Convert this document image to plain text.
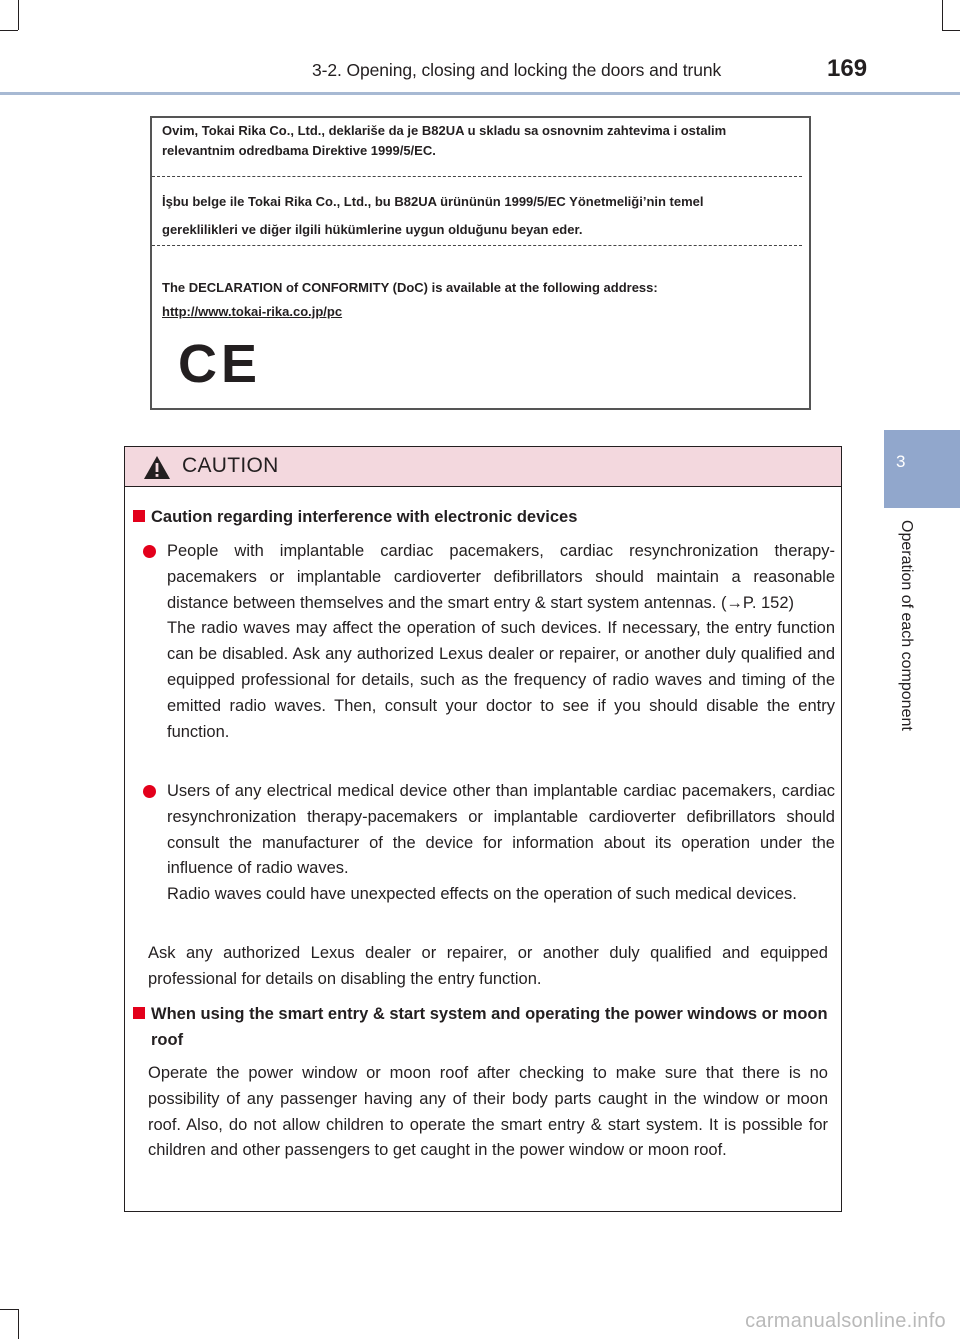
3-2. Opening, closing and locking the doors and trunk	169
3
Operation of each component
Ovim, Tokai Rika Co., Ltd., deklariše da je B82UA u skladu sa osnovnim zahtevima i ostalim
relevantnim odredbama Direktive 1999/5/EC.
İşbu belge ile Tokai Rika Co., Ltd., bu B82UA ürününün 1999/5/EC Yönetmeliği’nin temel
gereklilikleri ve diğer ilgili hükümlerine uygun olduğunu beyan eder.
The DECLARATION of CONFORMITY (DoC) is available at the following address:
http://www.tokai-rika.co.jp/pc
CE
CAUTION
Caution regarding interference with electronic devices

People with implantable cardiac pacemakers, cardiac resynchronization therapy-pacemakers or implantable cardioverter defibrillators should maintain a reasonable distance between themselves and the smart entry & start system antennas. (→P. 152)

The radio waves may affect the operation of such devices. If necessary, the entry function can be disabled. Ask any authorized Lexus dealer or repairer, or another duly qualified and equipped professional for details, such as the frequency of radio waves and timing of the emitted radio waves. Then, consult your doctor to see if you should disable the entry function.

Users of any electrical medical device other than implantable cardiac pacemakers, cardiac resynchronization therapy-pacemakers or implantable cardioverter defibrillators should consult the manufacturer of the device for information about its operation under the influence of radio waves.

Radio waves could have unexpected effects on the operation of such medical devices.

Ask any authorized Lexus dealer or repairer, or another duly qualified and equipped professional for details on disabling the entry function.
When using the smart entry & start system and operating the power windows or moon roof
Operate the power window or moon roof after checking to make sure that there is no possibility of any passenger having any of their body parts caught in the window or moon roof. Also, do not allow children to operate the smart entry & start system. It is possible for children and other passengers to get caught in the power window or moon roof.
carmanualsonline.info
